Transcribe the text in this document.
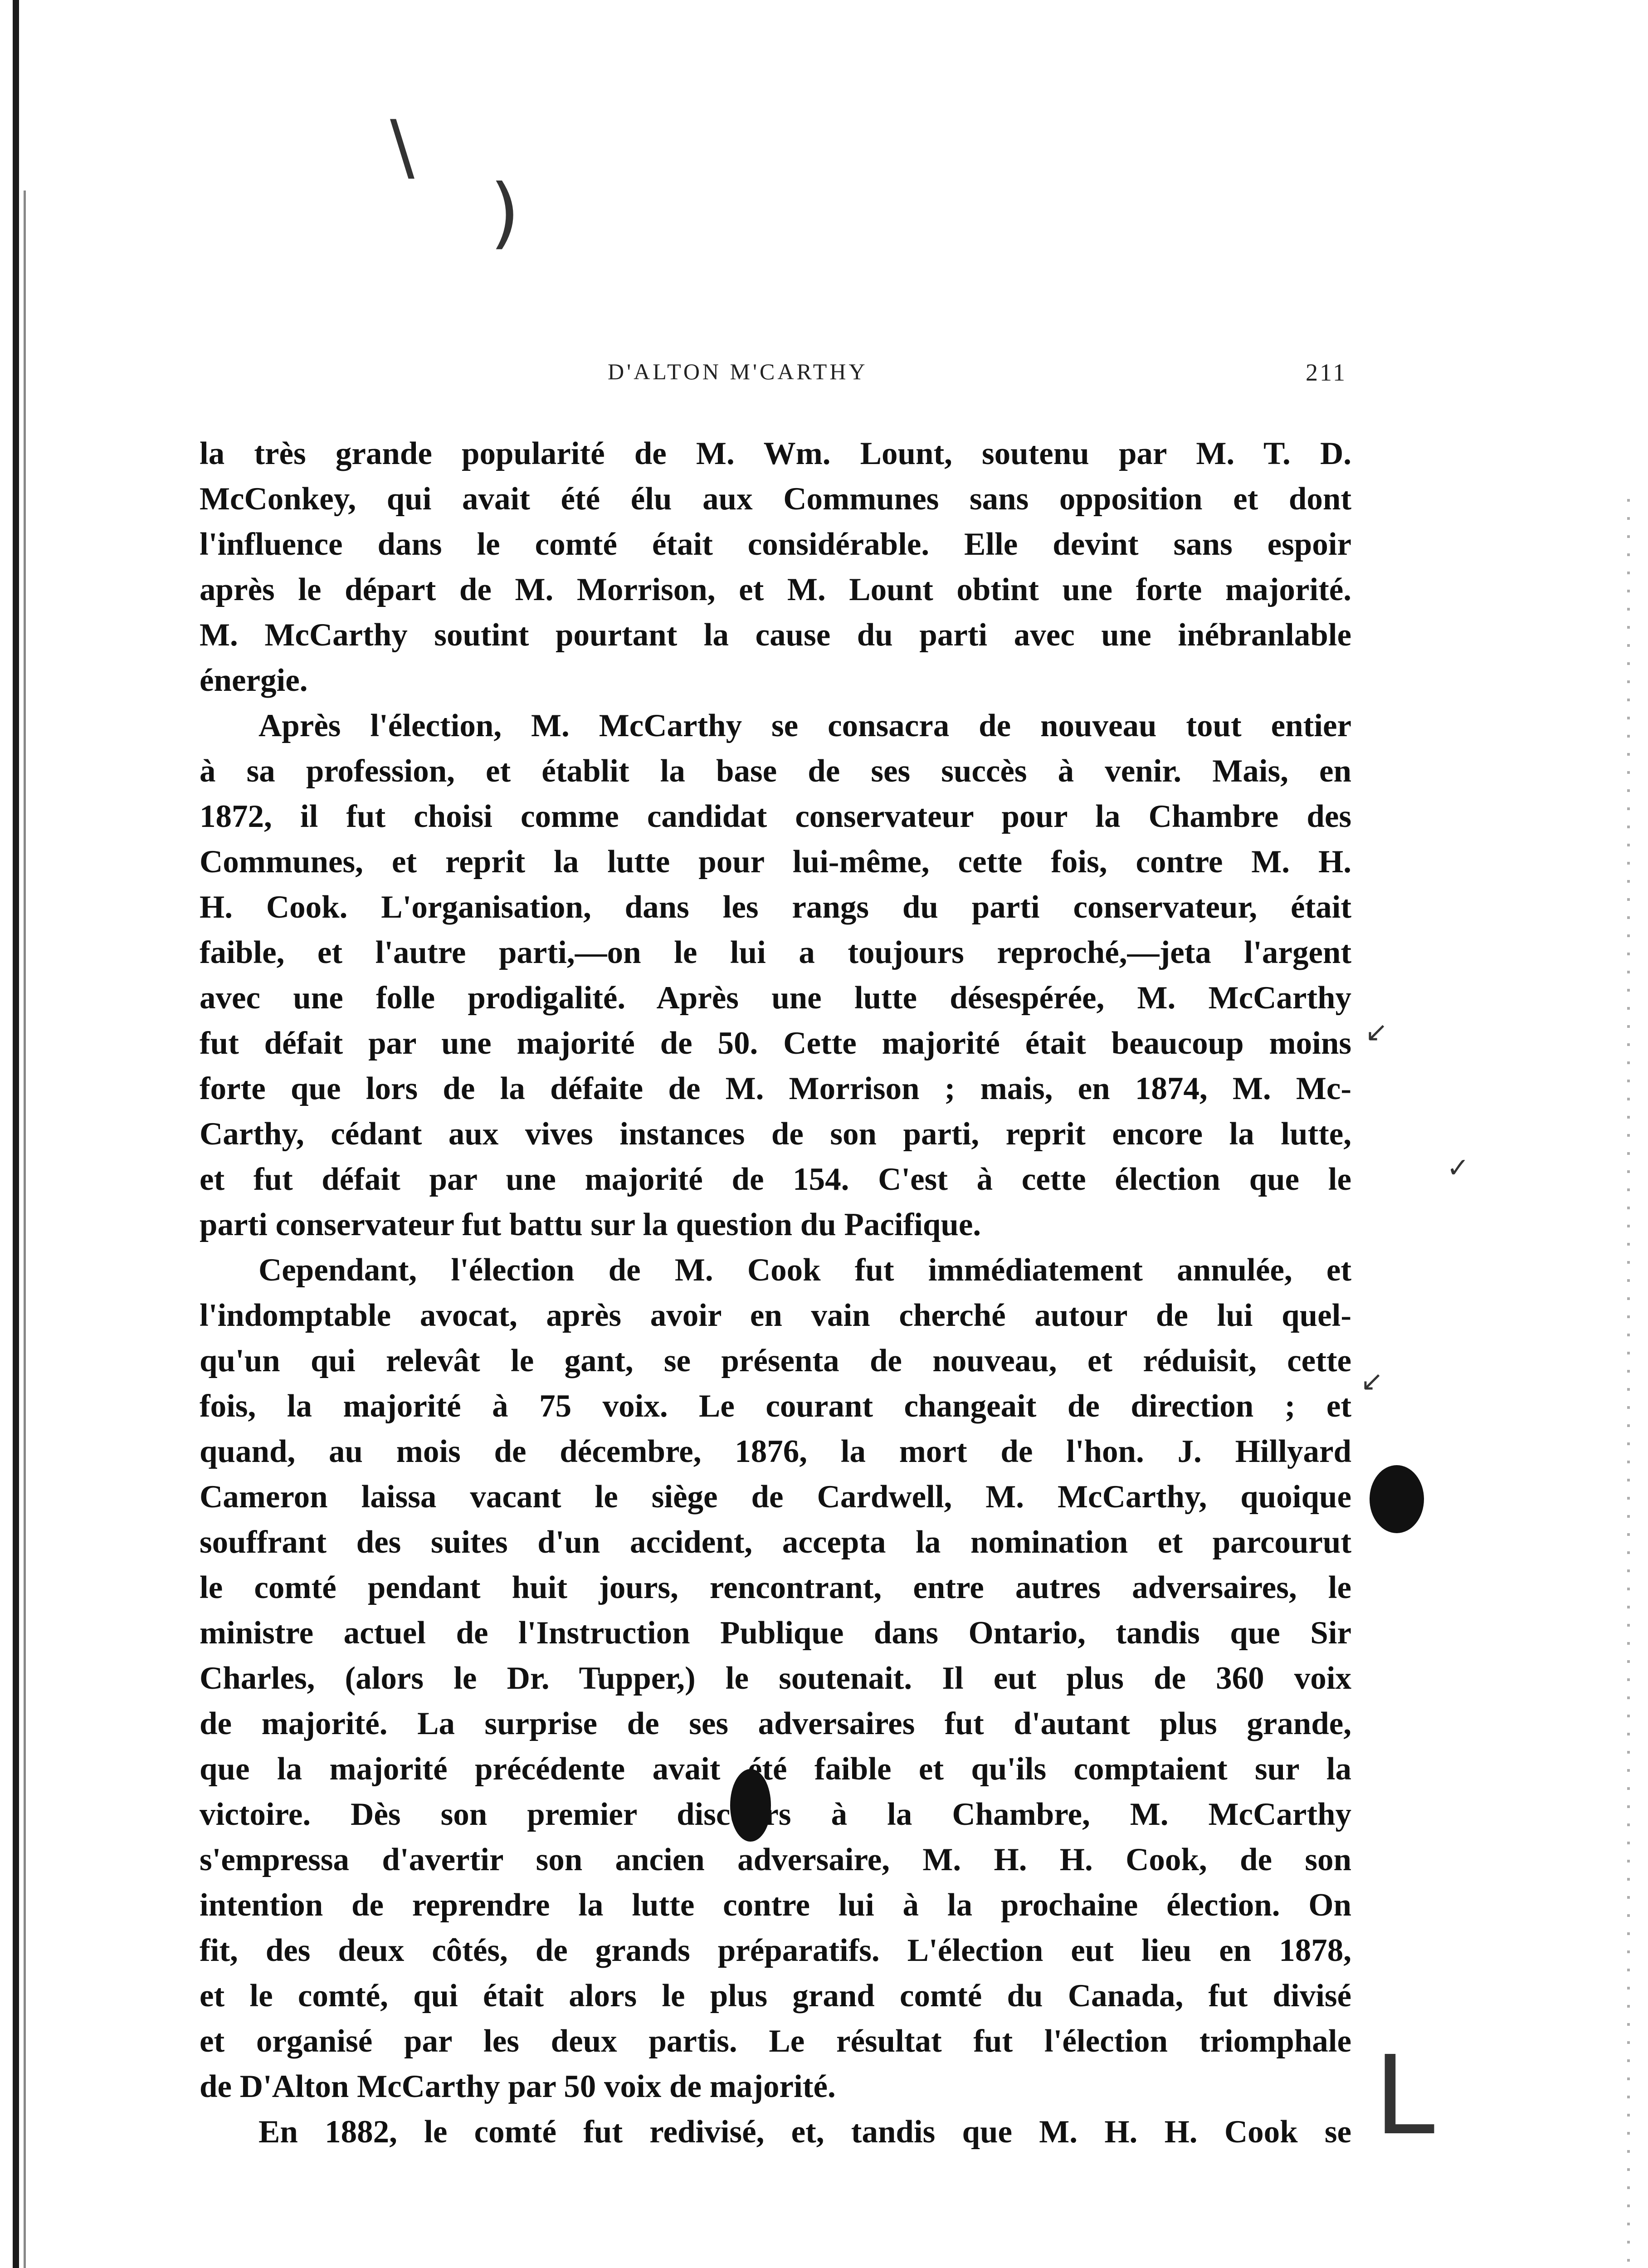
\
)
L
✓
↙
↙
D'ALTON M'CARTHY	211
la très grande popularité de M. Wm. Lount, soutenu par M. T. D.
McConkey, qui avait été élu aux Communes sans opposition et dont
l'influence dans le comté était considérable. Elle devint sans espoir
après le départ de M. Morrison, et M. Lount obtint une forte majorité.
M. McCarthy soutint pourtant la cause du parti avec une inébranlable
énergie.
Après l'élection, M. McCarthy se consacra de nouveau tout entier
à sa profession, et établit la base de ses succès à venir. Mais, en
1872, il fut choisi comme candidat conservateur pour la Chambre des
Communes, et reprit la lutte pour lui-même, cette fois, contre M. H.
H. Cook. L'organisation, dans les rangs du parti conservateur, était
faible, et l'autre parti,—on le lui a toujours reproché,—jeta l'argent
avec une folle prodigalité. Après une lutte désespérée, M. McCarthy
fut défait par une majorité de 50. Cette majorité était beaucoup moins
forte que lors de la défaite de M. Morrison ; mais, en 1874, M. Mc-
Carthy, cédant aux vives instances de son parti, reprit encore la lutte,
et fut défait par une majorité de 154. C'est à cette élection que le
parti conservateur fut battu sur la question du Pacifique.
Cependant, l'élection de M. Cook fut immédiatement annulée, et
l'indomptable avocat, après avoir en vain cherché autour de lui quel-
qu'un qui relevât le gant, se présenta de nouveau, et réduisit, cette
fois, la majorité à 75 voix. Le courant changeait de direction ; et
quand, au mois de décembre, 1876, la mort de l'hon. J. Hillyard
Cameron laissa vacant le siège de Cardwell, M. McCarthy, quoique
souffrant des suites d'un accident, accepta la nomination et parcourut
le comté pendant huit jours, rencontrant, entre autres adversaires, le
ministre actuel de l'Instruction Publique dans Ontario, tandis que Sir
Charles, (alors le Dr. Tupper,) le soutenait. Il eut plus de 360 voix
de majorité. La surprise de ses adversaires fut d'autant plus grande,
que la majorité précédente avait été faible et qu'ils comptaient sur la
victoire. Dès son premier discours à la Chambre, M. McCarthy
s'empressa d'avertir son ancien adversaire, M. H. H. Cook, de son
intention de reprendre la lutte contre lui à la prochaine élection. On
fit, des deux côtés, de grands préparatifs. L'élection eut lieu en 1878,
et le comté, qui était alors le plus grand comté du Canada, fut divisé
et organisé par les deux partis. Le résultat fut l'élection triomphale
de D'Alton McCarthy par 50 voix de majorité.
En 1882, le comté fut redivisé, et, tandis que M. H. H. Cook se
